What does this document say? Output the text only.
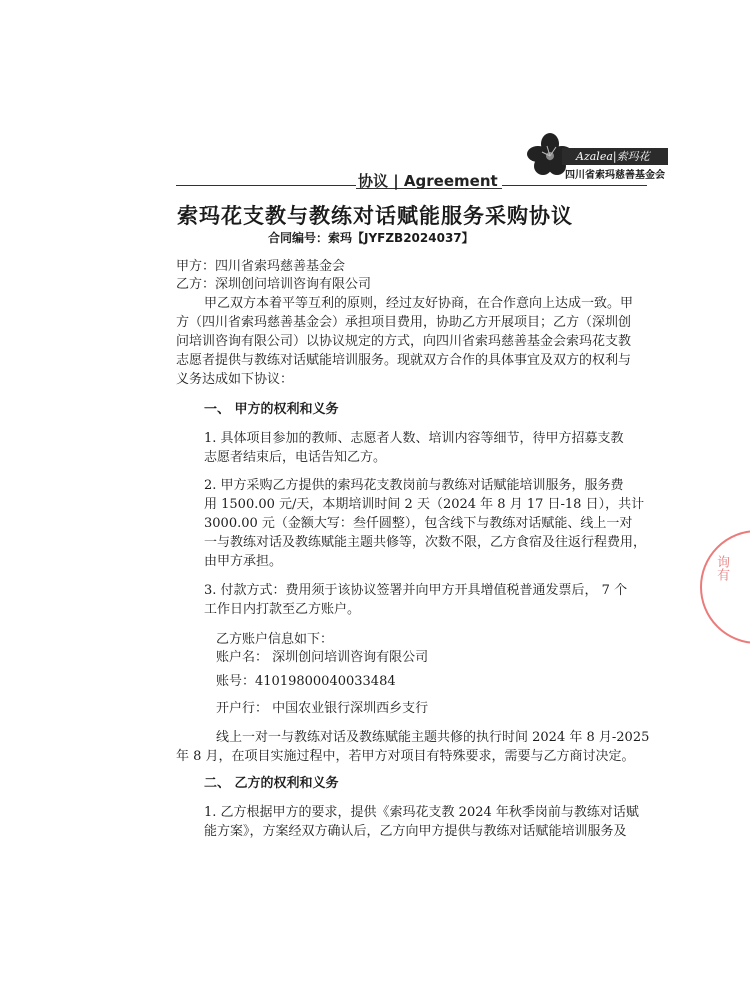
Azalea|索玛花
四川省索玛慈善基金会
协议 | Agreement
索玛花支教与教练对话赋能服务采购协议
合同编号：索玛【JYFZB2024037】
甲方：四川省索玛慈善基金会
乙方：深圳创问培训咨询有限公司
甲乙双方本着平等互利的原则，经过友好协商，在合作意向上达成一致。甲
方（四川省索玛慈善基金会）承担项目费用，协助乙方开展项目；乙方（深圳创
问培训咨询有限公司）以协议规定的方式，向四川省索玛慈善基金会索玛花支教
志愿者提供与教练对话赋能培训服务。现就双方合作的具体事宜及双方的权利与
义务达成如下协议：
一、 甲方的权利和义务
1. 具体项目参加的教师、志愿者人数、培训内容等细节，待甲方招募支教
志愿者结束后，电话告知乙方。
2. 甲方采购乙方提供的索玛花支教岗前与教练对话赋能培训服务，服务费
用 1500.00 元/天，本期培训时间 2 天（2024 年 8 月 17 日-18 日），共计
3000.00 元（金额大写：叁仟圆整），包含线下与教练对话赋能、线上一对
一与教练对话及教练赋能主题共修等，次数不限，乙方食宿及往返行程费用，
由甲方承担。
3. 付款方式：费用须于该协议签署并向甲方开具增值税普通发票后， 7 个
工作日内打款至乙方账户。
乙方账户信息如下：
账户名： 深圳创问培训咨询有限公司
账号：41019800040033484
开户行： 中国农业银行深圳西乡支行
线上一对一与教练对话及教练赋能主题共修的执行时间 2024 年 8 月-2025
年 8 月，在项目实施过程中，若甲方对项目有特殊要求，需要与乙方商讨决定。
二、 乙方的权利和义务
1. 乙方根据甲方的要求，提供《索玛花支教 2024 年秋季岗前与教练对话赋
能方案》，方案经双方确认后，乙方向甲方提供与教练对话赋能培训服务及
询有
